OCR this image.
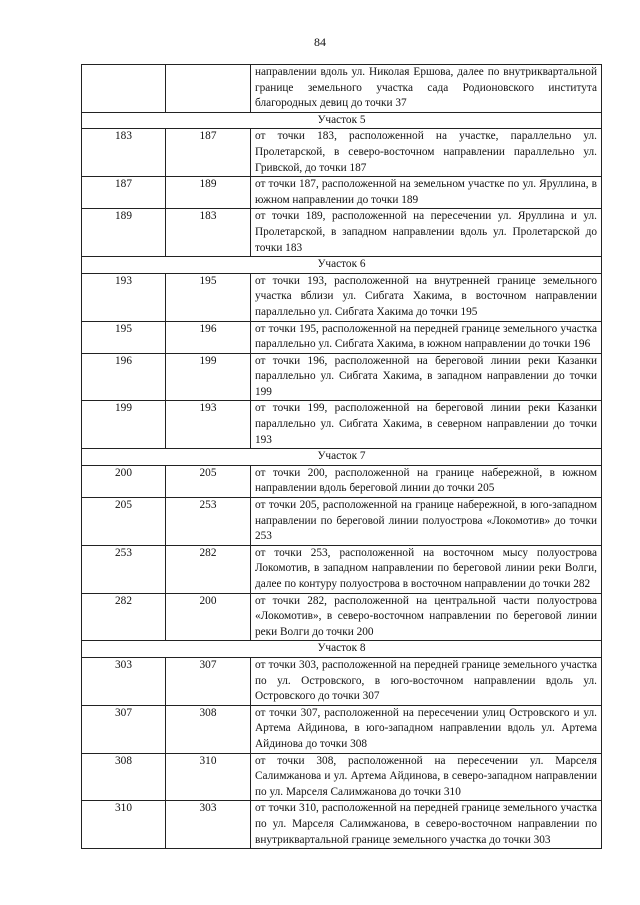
84
		направлении вдоль ул. Николая Ершова, далее по внутриквартальной границе земельного участка сада Родионовского института благородных девиц до точки 37
Участок 5		
183	187	от точки 183, расположенной на участке, параллельно ул. Пролетарской, в северо-восточном направлении параллельно ул. Гривской, до точки 187
187	189	от точки 187, расположенной на земельном участке по ул. Яруллина, в южном направлении до точки 189
189	183	от точки 189, расположенной на пересечении ул. Яруллина и ул. Пролетарской, в западном направлении вдоль ул. Пролетарской до точки 183
Участок 6		
193	195	от точки 193, расположенной на внутренней границе земельного участка вблизи ул. Сибгата Хакима, в восточном направлении параллельно ул. Сибгата Хакима до точки 195
195	196	от точки 195, расположенной на передней границе земельного участка параллельно ул. Сибгата Хакима, в южном направлении до точки 196
196	199	от точки 196, расположенной на береговой линии реки Казанки параллельно ул. Сибгата Хакима, в западном направлении до точки 199
199	193	от точки 199, расположенной на береговой линии реки Казанки параллельно ул. Сибгата Хакима, в северном направлении до точки 193
Участок 7		
200	205	от точки 200, расположенной на границе набережной, в южном направлении вдоль береговой линии до точки 205
205	253	от точки 205, расположенной на границе набережной, в юго-западном направлении по береговой линии полуострова «Локомотив» до точки 253
253	282	от точки 253, расположенной на восточном мысу полуострова Локомотив, в западном направлении по береговой линии реки Волги, далее по контуру полуострова в восточном направлении до точки 282
282	200	от точки 282, расположенной на центральной части полуострова «Локомотив», в северо-восточном направлении по береговой линии реки Волги до точки 200
Участок 8		
303	307	от точки 303, расположенной на передней границе земельного участка по ул. Островского, в юго-восточном направлении вдоль ул. Островского до точки 307
307	308	от точки 307, расположенной на пересечении улиц Островского и ул. Артема Айдинова, в юго-западном направлении вдоль ул. Артема Айдинова до точки 308
308	310	от точки 308, расположенной на пересечении ул. Марселя Салимжанова и ул. Артема Айдинова, в северо-западном направлении по ул. Марселя Салимжанова до точки 310
310	303	от точки 310, расположенной на передней границе земельного участка по ул. Марселя Салимжанова, в северо-восточном направлении по внутриквартальной границе земельного участка до точки 303
